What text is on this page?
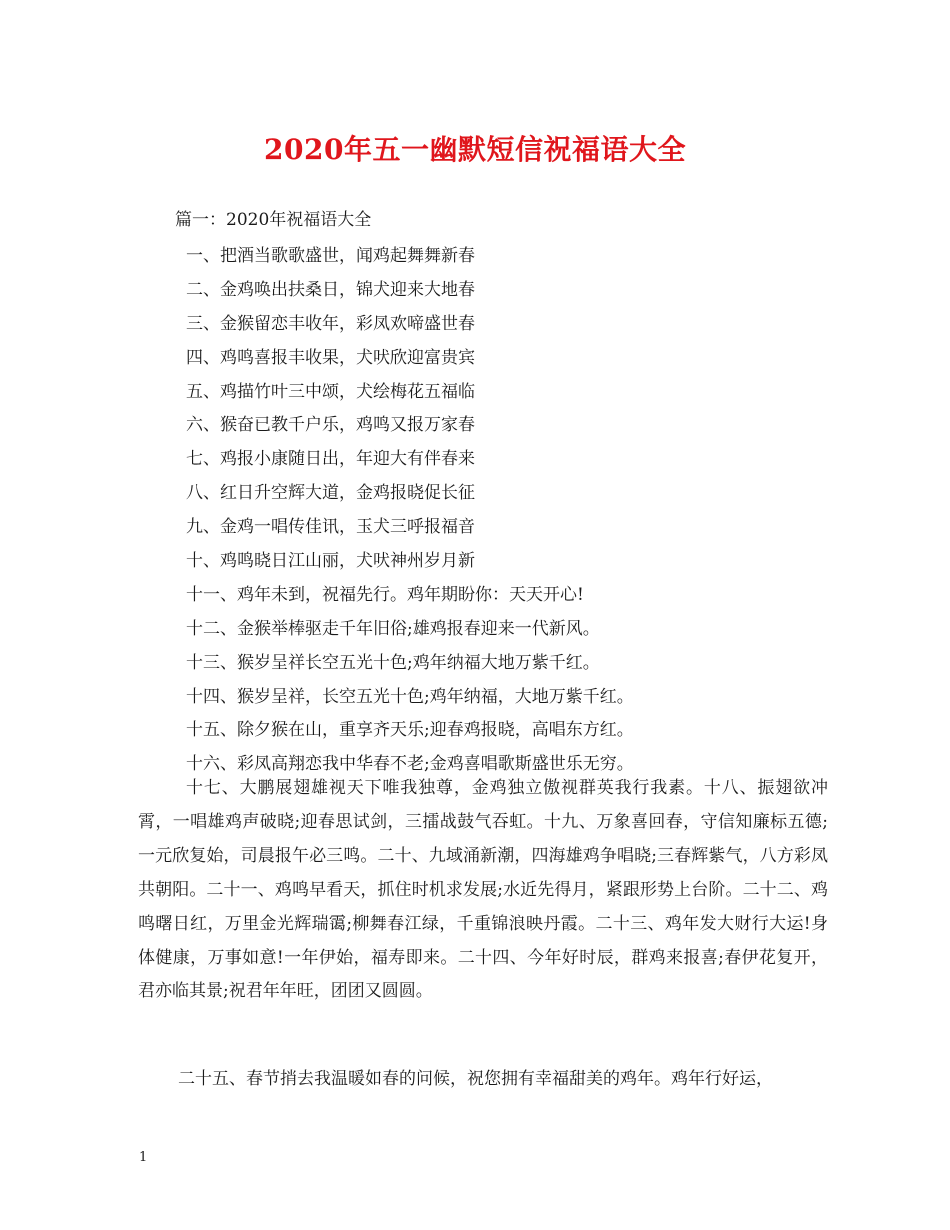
2020年五一幽默短信祝福语大全
篇一：2020年祝福语大全
一、把酒当歌歌盛世，闻鸡起舞舞新春
二、金鸡唤出扶桑日，锦犬迎来大地春
三、金猴留恋丰收年，彩凤欢啼盛世春
四、鸡鸣喜报丰收果，犬吠欣迎富贵宾
五、鸡描竹叶三中颂，犬绘梅花五福临
六、猴奋已教千户乐，鸡鸣又报万家春
七、鸡报小康随日出，年迎大有伴春来
八、红日升空辉大道，金鸡报晓促长征
九、金鸡一唱传佳讯，玉犬三呼报福音
十、鸡鸣晓日江山丽，犬吠神州岁月新
十一、鸡年未到，祝福先行。鸡年期盼你：天天开心!
十二、金猴举棒驱走千年旧俗;雄鸡报春迎来一代新风。
十三、猴岁呈祥长空五光十色;鸡年纳福大地万紫千红。
十四、猴岁呈祥，长空五光十色;鸡年纳福，大地万紫千红。
十五、除夕猴在山，重享齐天乐;迎春鸡报晓，高唱东方红。
十六、彩凤高翔恋我中华春不老;金鸡喜唱歌斯盛世乐无穷。

十七、大鹏展翅雄视天下唯我独尊，金鸡独立傲视群英我行我素。十八、振翅欲冲霄，一唱雄鸡声破晓;迎春思试剑，三擂战鼓气吞虹。十九、万象喜回春，守信知廉标五德;一元欣复始，司晨报午必三鸣。二十、九域涌新潮，四海雄鸡争唱晓;三春辉紫气，八方彩凤共朝阳。二十一、鸡鸣早看天，抓住时机求发展;水近先得月，紧跟形势上台阶。二十二、鸡鸣曙日红，万里金光辉瑞霭;柳舞春江绿，千重锦浪映丹霞。二十三、鸡年发大财行大运!身体健康，万事如意!一年伊始，福寿即来。二十四、今年好时辰，群鸡来报喜;春伊花复开，君亦临其景;祝君年年旺，团团又圆圆。

二十五、春节捎去我温暖如春的问候，祝您拥有幸福甜美的鸡年。鸡年行好运，

1
